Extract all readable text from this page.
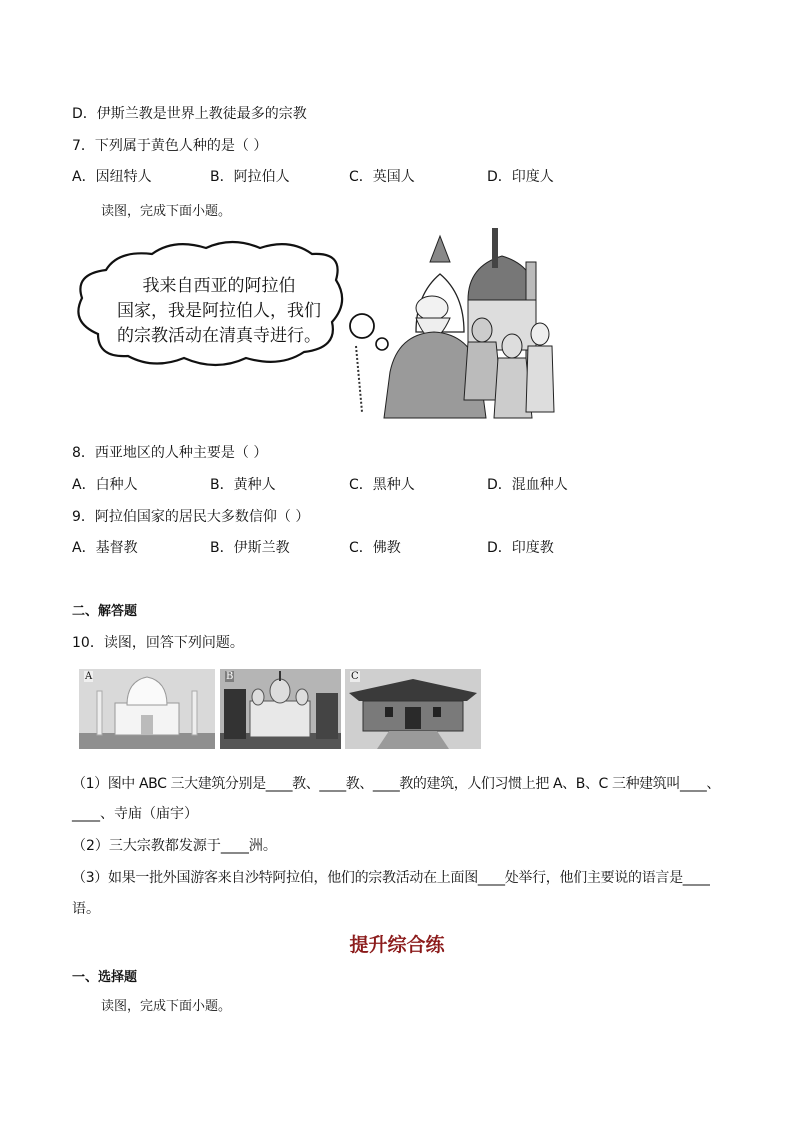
D．伊斯兰教是世界上教徒最多的宗教
7．下列属于黄色人种的是（ ）
A．因纽特人	B．阿拉伯人	C．英国人	D．印度人
读图，完成下面小题。
我来自西亚的阿拉伯
国家，我是阿拉伯人，我们
的宗教活动在清真寺进行。
8．西亚地区的人种主要是（ ）
A．白种人	B．黄种人	C．黑种人	D．混血种人
9．阿拉伯国家的居民大多数信仰（ ）
A．基督教	B．伊斯兰教	C．佛教	D．印度教
二、解答题
10．读图，回答下列问题。
A	B	C
（1）图中 ABC 三大建筑分别是____教、____教、____教的建筑，人们习惯上把 A、B、C 三种建筑叫____、
____、寺庙（庙宇）
（2）三大宗教都发源于____洲。
（3）如果一批外国游客来自沙特阿拉伯，他们的宗教活动在上面图____处举行，他们主要说的语言是____
语。
提升综合练
一、选择题
读图，完成下面小题。
